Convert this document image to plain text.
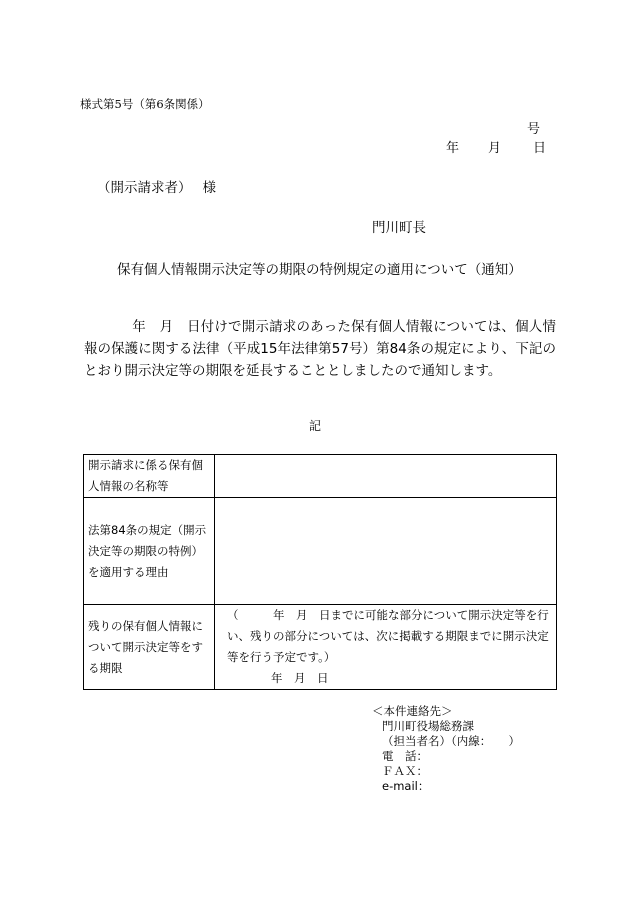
様式第5号（第6条関係）
号
年 月 日
（開示請求者）　 様
門川町長
保有個人情報開示決定等の期限の特例規定の適用について（通知）
年　月　日付けで開示請求のあった保有個人情報については、個人情報の保護に関する法律（平成15年法律第57号）第84条の規定により、下記のとおり開示決定等の期限を延長することとしましたので通知します。
記
開示請求に係る保有個人情報の名称等	
法第84条の規定（開示決定等の期限の特例）を適用する理由	
残りの保有個人情報について開示決定等をする期限	（　　　年　月　日までに可能な部分について開示決定等を行い、残りの部分については、次に掲載する期限までに開示決定等を行う予定です。）
年　月　日
＜本件連絡先＞
門川町役場総務課
（担当者名）（内線：　　）
電　話：
ＦＡＸ：
e-mail：
